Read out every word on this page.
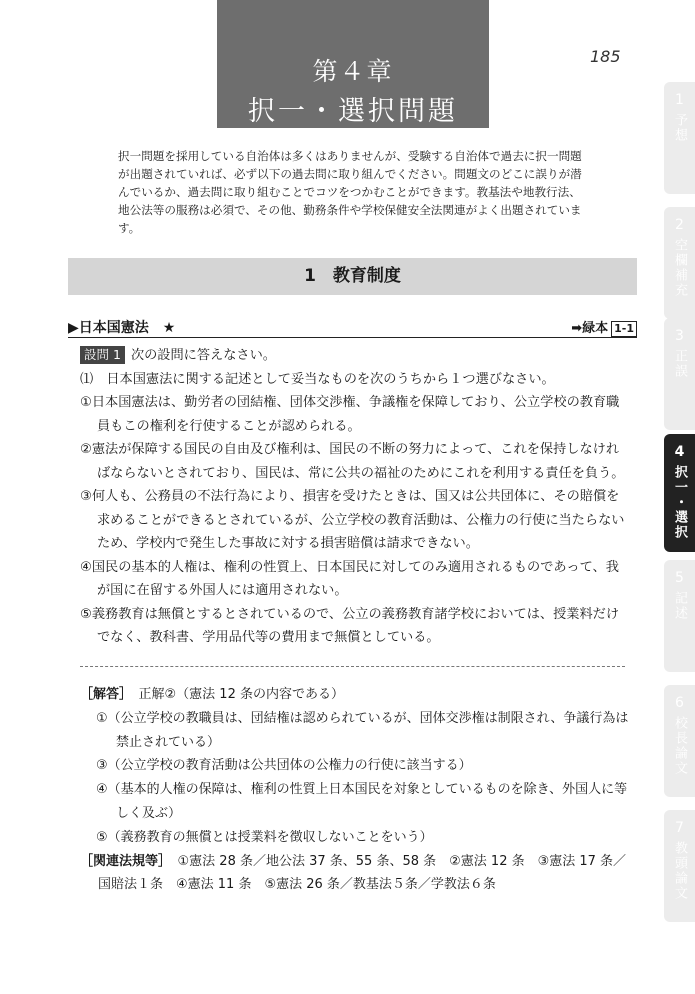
第４章
択一・選択問題
185
択一問題を採用している自治体は多くはありませんが、受験する自治体で過去に択一問題が出題されていれば、必ず以下の過去問に取り組んでください。問題文のどこに誤りが潜んでいるか、過去問に取り組むことでコツをつかむことができます。教基法や地教行法、地公法等の服務は必須で、その他、勤務条件や学校保健安全法関連がよく出題されています。
1　教育制度
▶日本国憲法　★	➡緑本 1-1
設問 1 次の設問に答えなさい。
⑴　日本国憲法に関する記述として妥当なものを次のうちから１つ選びなさい。
①日本国憲法は、勤労者の団結権、団体交渉権、争議権を保障しており、公立学校の教育職員もこの権利を行使することが認められる。
②憲法が保障する国民の自由及び権利は、国民の不断の努力によって、これを保持しなければならないとされており、国民は、常に公共の福祉のためにこれを利用する責任を負う。
③何人も、公務員の不法行為により、損害を受けたときは、国又は公共団体に、その賠償を求めることができるとされているが、公立学校の教育活動は、公権力の行使に当たらないため、学校内で発生した事故に対する損害賠償は請求できない。
④国民の基本的人権は、権利の性質上、日本国民に対してのみ適用されるものであって、我が国に在留する外国人には適用されない。
⑤義務教育は無償とするとされているので、公立の義務教育諸学校においては、授業料だけでなく、教科書、学用品代等の費用まで無償としている。
［解答］　正解②（憲法 12 条の内容である）
①（公立学校の教職員は、団結権は認められているが、団体交渉権は制限され、争議行為は禁止されている）
③（公立学校の教育活動は公共団体の公権力の行使に該当する）
④（基本的人権の保障は、権利の性質上日本国民を対象としているものを除き、外国人に等しく及ぶ）
⑤（義務教育の無償とは授業料を徴収しないことをいう）
［関連法規等］　①憲法 28 条／地公法 37 条、55 条、58 条　②憲法 12 条　③憲法 17 条／国賠法１条　④憲法 11 条　⑤憲法 26 条／教基法５条／学教法６条
1
予想
2
空欄補充
3
正誤
4
択一・選択
5
記述
6
校長論文
7
教頭論文
